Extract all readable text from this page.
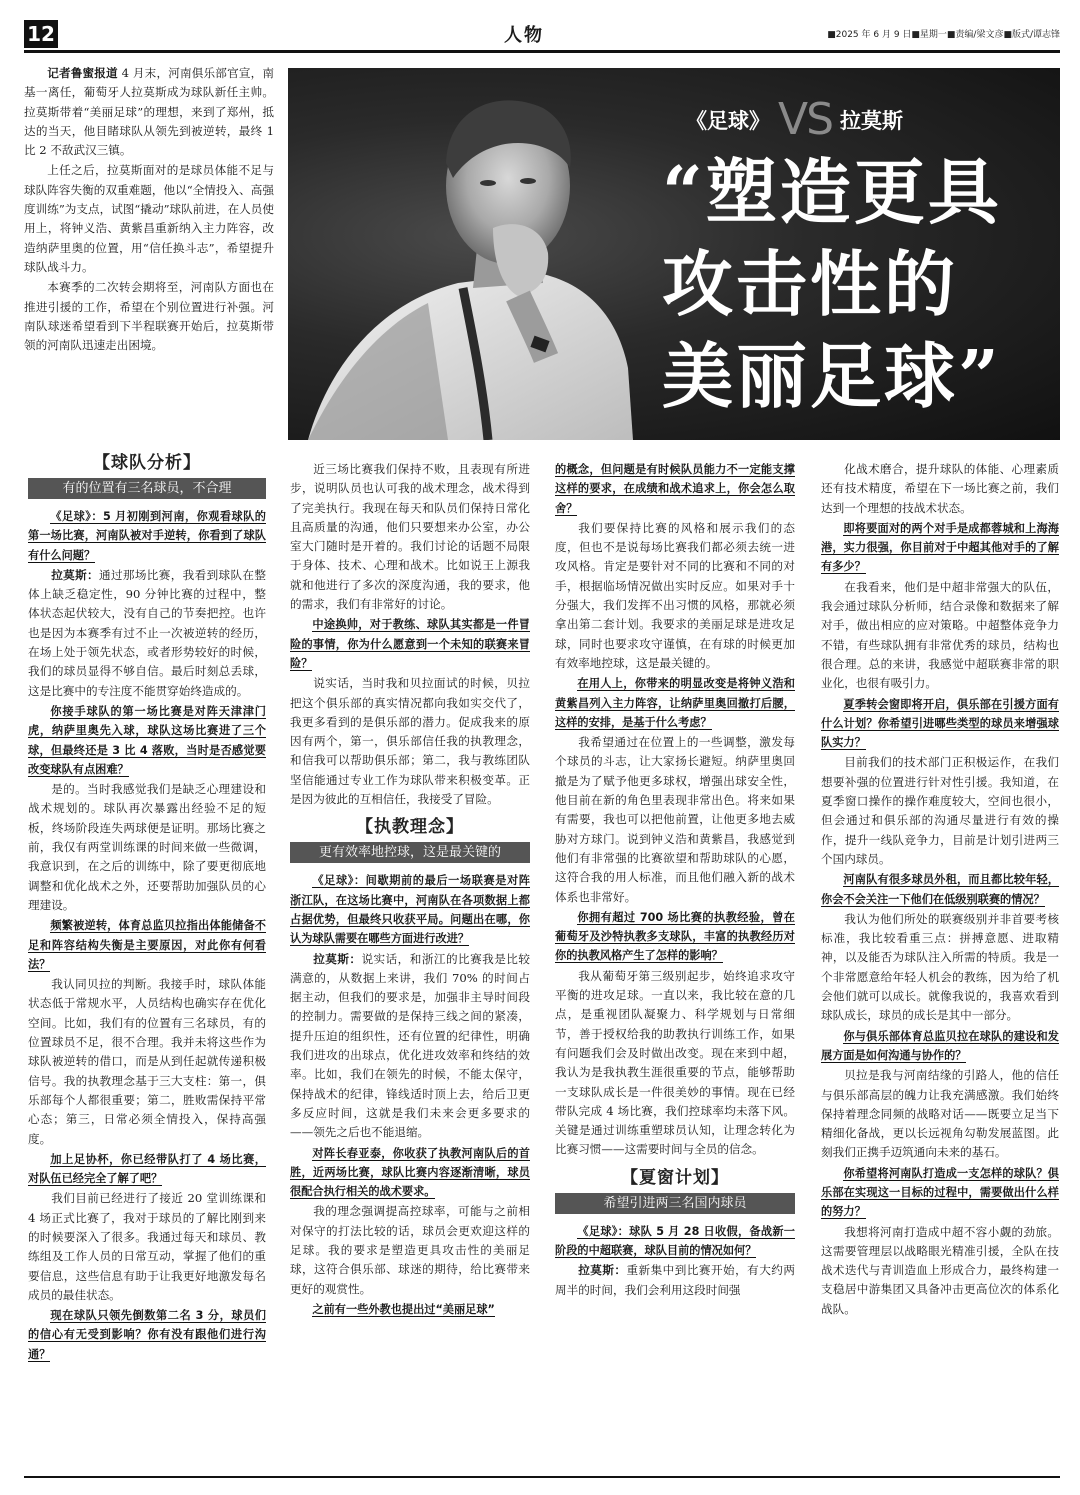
12	人物	■2025 年 6 月 9 日■星期一■责编/梁文彦■版式/谭志锋

记者鲁蜜报道 4 月末，河南俱乐部官宣，南基一离任，葡萄牙人拉莫斯成为球队新任主帅。拉莫斯带着“美丽足球”的理想，来到了郑州，抵达的当天，他目睹球队从领先到被逆转，最终 1 比 2 不敌武汉三镇。

上任之后，拉莫斯面对的是球员体能不足与球队阵容失衡的双重难题，他以“全情投入、高强度训练”为支点，试图“撬动”球队前进，在人员使用上，将钟义浩、黄紫昌重新纳入主力阵容，改造纳萨里奥的位置，用“信任换斗志”，希望提升球队战斗力。

本赛季的二次转会期将至，河南队方面也在推进引援的工作，希望在个别位置进行补强。河南队球迷希望看到下半程联赛开始后，拉莫斯带领的河南队迅速走出困境。

《足球》 VS 拉莫斯
“塑造更具
攻击性的
美丽足球”
【球队分析】
有的位置有三名球员，不合理

《足球》：5 月初刚到河南，你观看球队的第一场比赛，河南队被对手逆转，你看到了球队有什么问题？

拉莫斯：通过那场比赛，我看到球队在整体上缺乏稳定性，90 分钟比赛的过程中，整体状态起伏较大，没有自己的节奏把控。也许也是因为本赛季有过不止一次被逆转的经历，在场上处于领先状态，或者形势较好的时候，我们的球员显得不够自信。最后时刻总丢球，这是比赛中的专注度不能贯穿始终造成的。

你接手球队的第一场比赛是对阵天津津门虎，纳萨里奥先入球，球队这场比赛进了三个球，但最终还是 3 比 4 落败，当时是否感觉要改变球队有点困难？

是的。当时我感觉我们是缺乏心理建设和战术规划的。球队再次暴露出经验不足的短板，终场阶段连失两球便是证明。那场比赛之前，我仅有两堂训练课的时间来做一些微调，我意识到，在之后的训练中，除了要更彻底地调整和优化战术之外，还要帮助加强队员的心理建设。

频繁被逆转，体育总监贝拉指出体能储备不足和阵容结构失衡是主要原因，对此你有何看法？

我认同贝拉的判断。我接手时，球队体能状态低于常规水平，人员结构也确实存在优化空间。比如，我们有的位置有三名球员，有的位置球员不足，很不合理。我并未将这些作为球队被逆转的借口，而是从到任起就传递积极信号。我的执教理念基于三大支柱：第一，俱乐部每个人都很重要；第二，胜败需保持平常心态；第三，日常必须全情投入，保持高强度。

加上足协杯，你已经带队打了 4 场比赛，对队伍已经完全了解了吧？

我们目前已经进行了接近 20 堂训练课和 4 场正式比赛了，我对于球员的了解比刚到来的时候要深入了很多。我通过每天和球员、教练组及工作人员的日常互动，掌握了他们的重要信息，这些信息有助于让我更好地激发每名成员的最佳状态。

现在球队只领先倒数第二名 3 分，球员们的信心有无受到影响？你有没有跟他们进行沟通？

近三场比赛我们保持不败，且表现有所进步，说明队员也认可我的战术理念，战术得到了完美执行。我现在每天和队员们保持日常化且高质量的沟通，他们只要想来办公室，办公室大门随时是开着的。我们讨论的话题不局限于身体、技术、心理和战术。比如说王上源我就和他进行了多次的深度沟通，我的要求，他的需求，我们有非常好的讨论。

中途换帅，对于教练、球队其实都是一件冒险的事情，你为什么愿意到一个未知的联赛来冒险？

说实话，当时我和贝拉面试的时候，贝拉把这个俱乐部的真实情况都向我如实交代了，我更多看到的是俱乐部的潜力。促成我来的原因有两个，第一，俱乐部信任我的执教理念，和信我可以帮助俱乐部；第二，我与教练团队坚信能通过专业工作为球队带来积极变革。正是因为彼此的互相信任，我接受了冒险。

【执教理念】
更有效率地控球，这是最关键的

《足球》：间歇期前的最后一场联赛是对阵浙江队，在这场比赛中，河南队在各项数据上都占据优势，但最终只收获平局。问题出在哪，你认为球队需要在哪些方面进行改进？

拉莫斯：说实话，和浙江的比赛我是比较满意的，从数据上来讲，我们 70% 的时间占据主动，但我们的要求是，加强非主导时间段的控制力。需要做的是保持三线之间的紧凑，提升压迫的组织性，还有位置的纪律性，明确我们进攻的出球点，优化进攻效率和终结的效率。比如，我们在领先的时候，不能太保守，保持战术的纪律，锋线适时顶上去，给后卫更多反应时间，这就是我们未来会更多要求的——领先之后也不能退缩。

对阵长春亚泰，你收获了执教河南队后的首胜，近两场比赛，球队比赛内容逐渐清晰，球员很配合执行相关的战术要求。

我的理念强调提高控球率，可能与之前相对保守的打法比较的话，球员会更欢迎这样的足球。我的要求是塑造更具攻击性的美丽足球，这符合俱乐部、球迷的期待，给比赛带来更好的观赏性。

之前有一些外教也提出过“美丽足球”

的概念，但问题是有时候队员能力不一定能支撑这样的要求，在成绩和战术追求上，你会怎么取舍？

我们要保持比赛的风格和展示我们的态度，但也不是说每场比赛我们都必须去统一进攻风格。肯定是要针对不同的比赛和不同的对手，根据临场情况做出实时反应。如果对手十分强大，我们发挥不出习惯的风格，那就必须拿出第二套计划。我要求的美丽足球是进攻足球，同时也要求攻守谨慎，在有球的时候更加有效率地控球，这是最关键的。

在用人上，你带来的明显改变是将钟义浩和黄紫昌列入主力阵容，让纳萨里奥回撤打后腰，这样的安排，是基于什么考虑？

我希望通过在位置上的一些调整，激发每个球员的斗志，让大家扬长避短。纳萨里奥回撤是为了赋予他更多球权，增强出球安全性，他目前在新的角色里表现非常出色。将来如果有需要，我也可以把他前置，让他更多地去威胁对方球门。说到钟义浩和黄紫昌，我感觉到他们有非常强的比赛欲望和帮助球队的心愿，这符合我的用人标准，而且他们融入新的战术体系也非常好。

你拥有超过 700 场比赛的执教经验，曾在葡萄牙及沙特执教多支球队，丰富的执教经历对你的执教风格产生了怎样的影响？

我从葡萄牙第三级别起步，始终追求攻守平衡的进攻足球。一直以来，我比较在意的几点，是重视团队凝聚力、科学规划与日常细节，善于授权给我的助教执行训练工作，如果有问题我们会及时做出改变。现在来到中超，我认为是我执教生涯很重要的节点，能够帮助一支球队成长是一件很美妙的事情。现在已经带队完成 4 场比赛，我们控球率均未落下风。关键是通过训练重塑球员认知，让理念转化为比赛习惯——这需要时间与全员的信念。

【夏窗计划】
希望引进两三名国内球员

《足球》：球队 5 月 28 日收假，备战新一阶段的中超联赛，球队目前的情况如何？

拉莫斯：重新集中到比赛开始，有大约两周半的时间，我们会利用这段时间强

化战术磨合，提升球队的体能、心理素质还有技术精度，希望在下一场比赛之前，我们达到一个理想的技战术状态。

即将要面对的两个对手是成都蓉城和上海海港，实力很强，你目前对于中超其他对手的了解有多少？

在我看来，他们是中超非常强大的队伍，我会通过球队分析师，结合录像和数据来了解对手，做出相应的应对策略。中超整体竞争力不错，有些球队拥有非常优秀的球员，结构也很合理。总的来讲，我感觉中超联赛非常的职业化，也很有吸引力。

夏季转会窗即将开启，俱乐部在引援方面有什么计划？你希望引进哪些类型的球员来增强球队实力？

目前我们的技术部门正积极运作，在我们想要补强的位置进行针对性引援。我知道，在夏季窗口操作的操作难度较大，空间也很小，但会通过和俱乐部的沟通尽量进行有效的操作，提升一线队竞争力，目前是计划引进两三个国内球员。

河南队有很多球员外租，而且都比较年轻，你会不会关注一下他们在低级别联赛的情况？

我认为他们所处的联赛级别并非首要考核标准，我比较看重三点：拼搏意愿、进取精神，以及能否为球队注入所需的特质。我是一个非常愿意给年轻人机会的教练，因为给了机会他们就可以成长。就像我说的，我喜欢看到球队成长，球员的成长是其中一部分。

你与俱乐部体育总监贝拉在球队的建设和发展方面是如何沟通与协作的？

贝拉是我与河南结缘的引路人，他的信任与俱乐部高层的魄力让我充满感激。我们始终保持着理念同频的战略对话——既要立足当下精细化备战，更以长远视角勾勒发展蓝图。此刻我们正携手迈筑通向未来的基石。

你希望将河南队打造成一支怎样的球队？俱乐部在实现这一目标的过程中，需要做出什么样的努力？

我想将河南打造成中超不容小觑的劲旅。这需要管理层以战略眼光精准引援，全队在技战术迭代与青训造血上形成合力，最终构建一支稳居中游集团又具备冲击更高位次的体系化战队。
